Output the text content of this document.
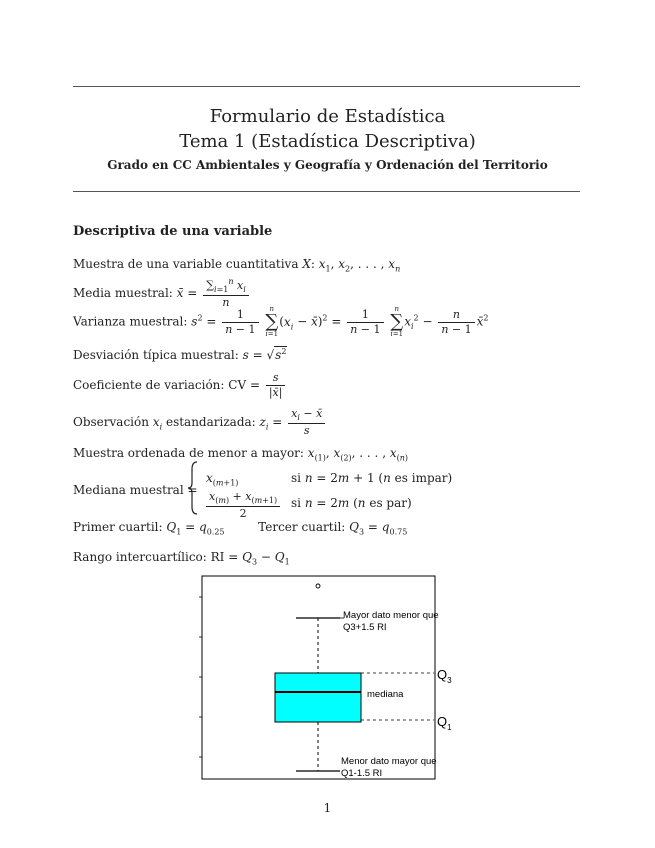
Formulario de Estadística
Tema 1 (Estadística Descriptiva)
Grado en CC Ambientales y Geografía y Ordenación del Territorio
Descriptiva de una variable
Muestra de una variable cuantitativa X: $x_1$, $x_2$, . . . , $x_n$
Media muestral: x̄ = $\frac{\sum_{i=1}^n x_i}{n}$
Varianza muestral: $s^2 = \frac{1}{n - 1}$ n
∑
$i=1(x_i$ − x̄)$^2$ = $\frac{1}{n - 1}$ n
∑
$i=1x_i^2 - \frac{n}{n - 1}$ x̄$^2$
Desviación típica muestral: $s = √s^2$
Coeficiente de variación: CV = $\frac{s}{|x̄|}$
Observación $x_i$ estandarizada: $z_i = \frac{x_i - x̄}{s}$
Muestra ordenada de menor a mayor: $x_{(1)}$, $x_{(2)}$, . . . , $x_{(n)}$
Mediana muestral =
$x_{(m+1)}$	si n = 2m + 1 (n es impar)
$\frac{x_{(m)} + x_{(m+1)}}{2}$ si n = 2m (n es par)
Primer cuartil: $Q_1 = q_{0.25}$	Tercer cuartil: $Q_3 = q_{0.75}$
Rango intercuartílico: RI = $Q_3 - Q_1$
Mayor dato menor que
Q3+1.5 RI
mediana
Menor dato mayor que
Q1-1.5 RI
$Q_3$
$Q_1$
1
